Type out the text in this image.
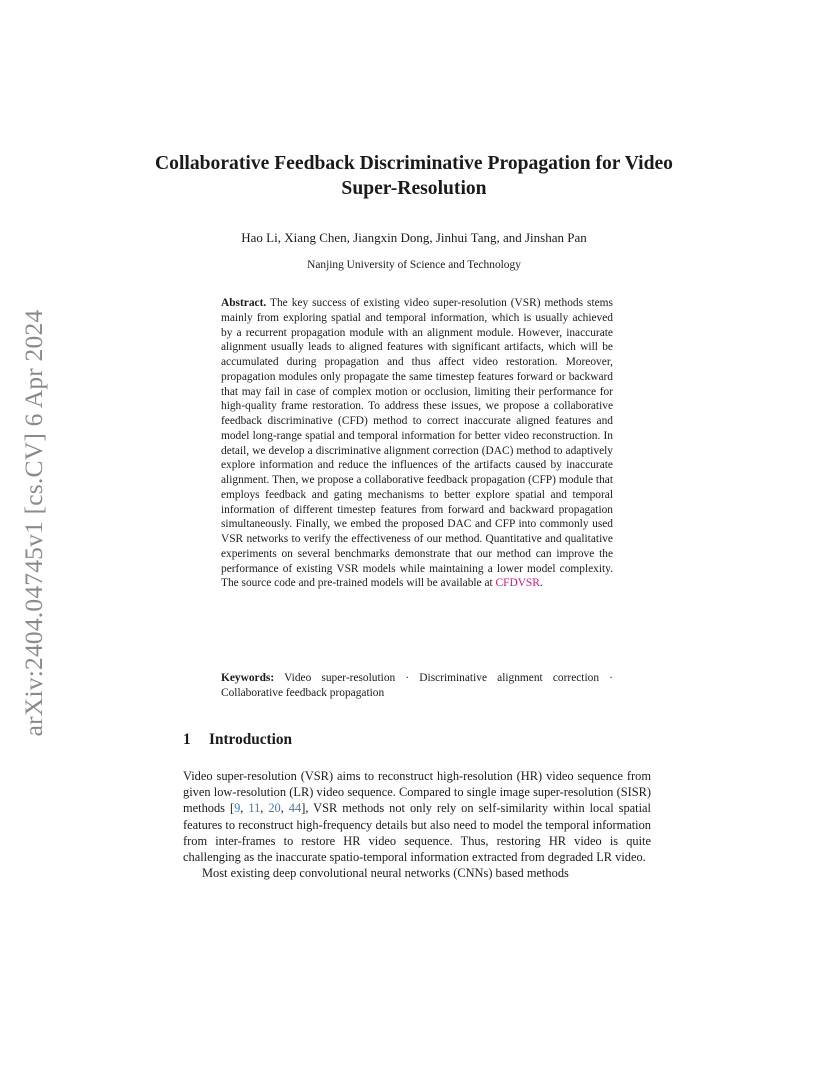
arXiv:2404.04745v1 [cs.CV] 6 Apr 2024
Collaborative Feedback Discriminative Propagation for Video Super-Resolution
Hao Li, Xiang Chen, Jiangxin Dong, Jinhui Tang, and Jinshan Pan
Nanjing University of Science and Technology
Abstract. The key success of existing video super-resolution (VSR) methods stems mainly from exploring spatial and temporal information, which is usually achieved by a recurrent propagation module with an alignment module. However, inaccurate alignment usually leads to aligned features with significant artifacts, which will be accumulated during propagation and thus affect video restoration. Moreover, propagation modules only propagate the same timestep features forward or backward that may fail in case of complex motion or occlusion, limiting their performance for high-quality frame restoration. To address these issues, we propose a collaborative feedback discriminative (CFD) method to correct inaccurate aligned features and model long-range spatial and temporal information for better video reconstruction. In detail, we develop a discriminative alignment correction (DAC) method to adaptively explore information and reduce the influences of the artifacts caused by inaccurate alignment. Then, we propose a collaborative feedback propagation (CFP) module that employs feedback and gating mechanisms to better explore spatial and temporal information of different timestep features from forward and backward propagation simultaneously. Finally, we embed the proposed DAC and CFP into commonly used VSR networks to verify the effectiveness of our method. Quantitative and qualitative experiments on several benchmarks demonstrate that our method can improve the performance of existing VSR models while maintaining a lower model complexity. The source code and pre-trained models will be available at CFDVSR.
Keywords: Video super-resolution · Discriminative alignment correction · Collaborative feedback propagation
1 Introduction

Video super-resolution (VSR) aims to reconstruct high-resolution (HR) video sequence from given low-resolution (LR) video sequence. Compared to single image super-resolution (SISR) methods [9, 11, 20, 44], VSR methods not only rely on self-similarity within local spatial features to reconstruct high-frequency details but also need to model the temporal information from inter-frames to restore HR video sequence. Thus, restoring HR video is quite challenging as the inaccurate spatio-temporal information extracted from degraded LR video.

Most existing deep convolutional neural networks (CNNs) based methods
